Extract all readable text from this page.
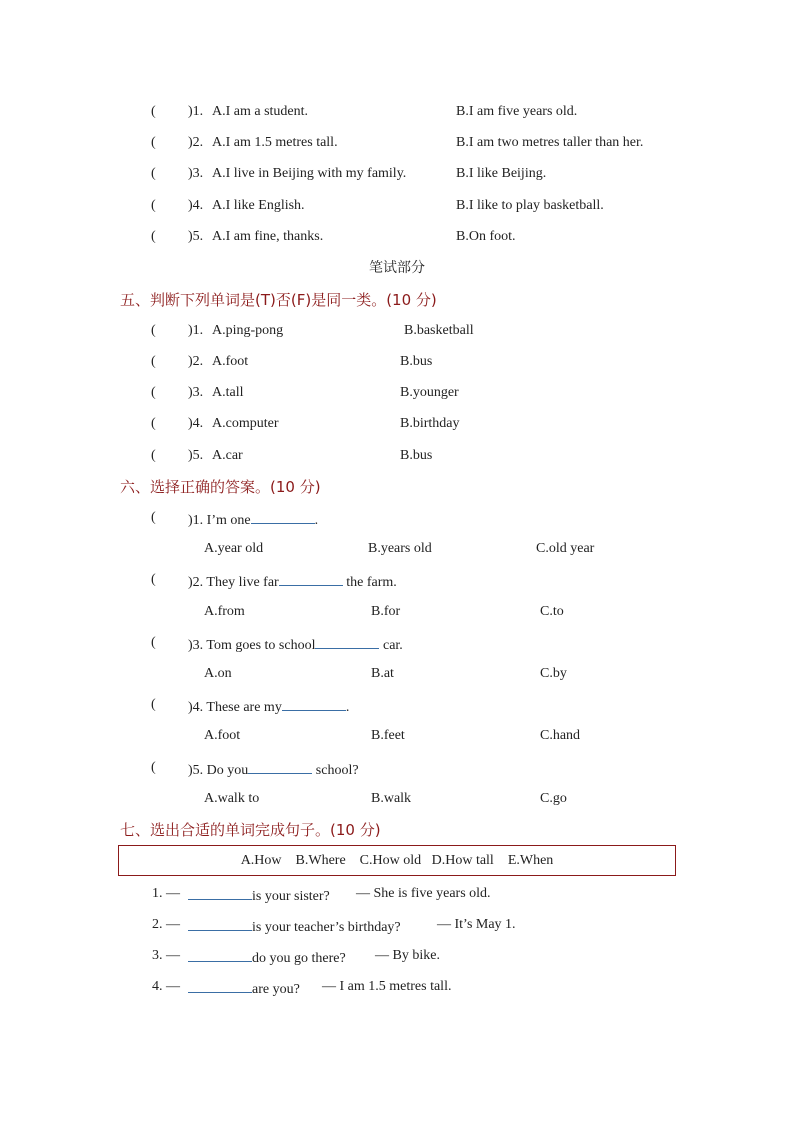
( )1. A.I am a student.	B.I am five years old.
( )2. A.I am 1.5 metres tall.	B.I am two metres taller than her.
( )3. A.I live in Beijing with my family.	B.I like Beijing.
( )4. A.I like English.	B.I like to play basketball.
( )5. A.I am fine, thanks.	B.On foot.
笔试部分
五、判断下列单词是(T)否(F)是同一类。(10 分)
( )1. A.ping-pong	B.basketball
( )2. A.foot	B.bus
( )3. A.tall	B.younger
( )4. A.computer	B.birthday
( )5. A.car	B.bus
六、选择正确的答案。(10 分)
( )1. I’m one	.
A.year old	B.years old	C.old year
( )2. They live far	the farm.
A.from	B.for	C.to
( )3. Tom goes to school	car.
A.on	B.at	C.by
( )4. These are my	.
A.foot	B.feet	C.hand
( )5. Do you	school?
A.walk to	B.walk	C.go
七、选出合适的单词完成句子。(10 分)
A.How    B.Where    C.How old   D.How tall    E.When
1. —	is your sister? — She is five years old.
2. —	is your teacher’s birthday?	— It’s May 1.
3. —	do you go there? — By bike.
4. —	are you? — I am 1.5 metres tall.
